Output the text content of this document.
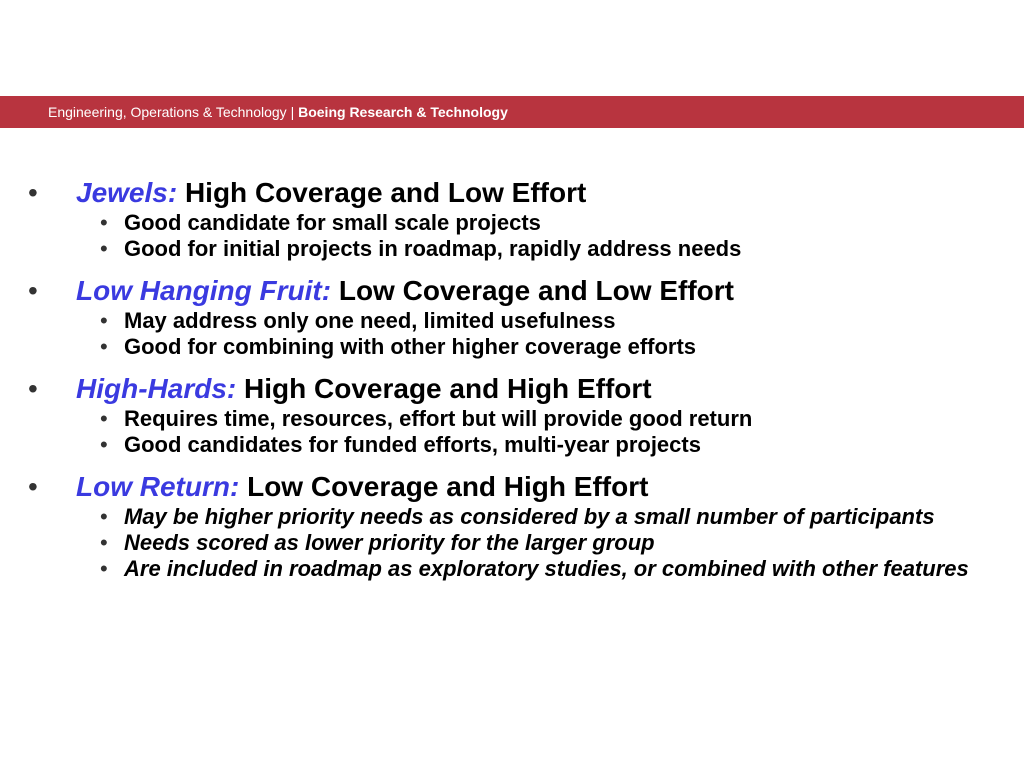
Engineering, Operations & Technology | Boeing Research & Technology
• Jewels: High Coverage and Low Effort
• Good candidate for small scale projects
• Good for initial projects in roadmap, rapidly address needs
• Low Hanging Fruit: Low Coverage and Low Effort
• May address only one need, limited usefulness
• Good for combining with other higher coverage efforts
• High-Hards: High Coverage and High Effort
• Requires time, resources, effort but will provide good return
• Good candidates for funded efforts, multi-year projects
• Low Return: Low Coverage and High Effort
• May be higher priority needs as considered by a small number of participants
• Needs scored as lower priority for the larger group
• Are included in roadmap as exploratory studies, or combined with other features
